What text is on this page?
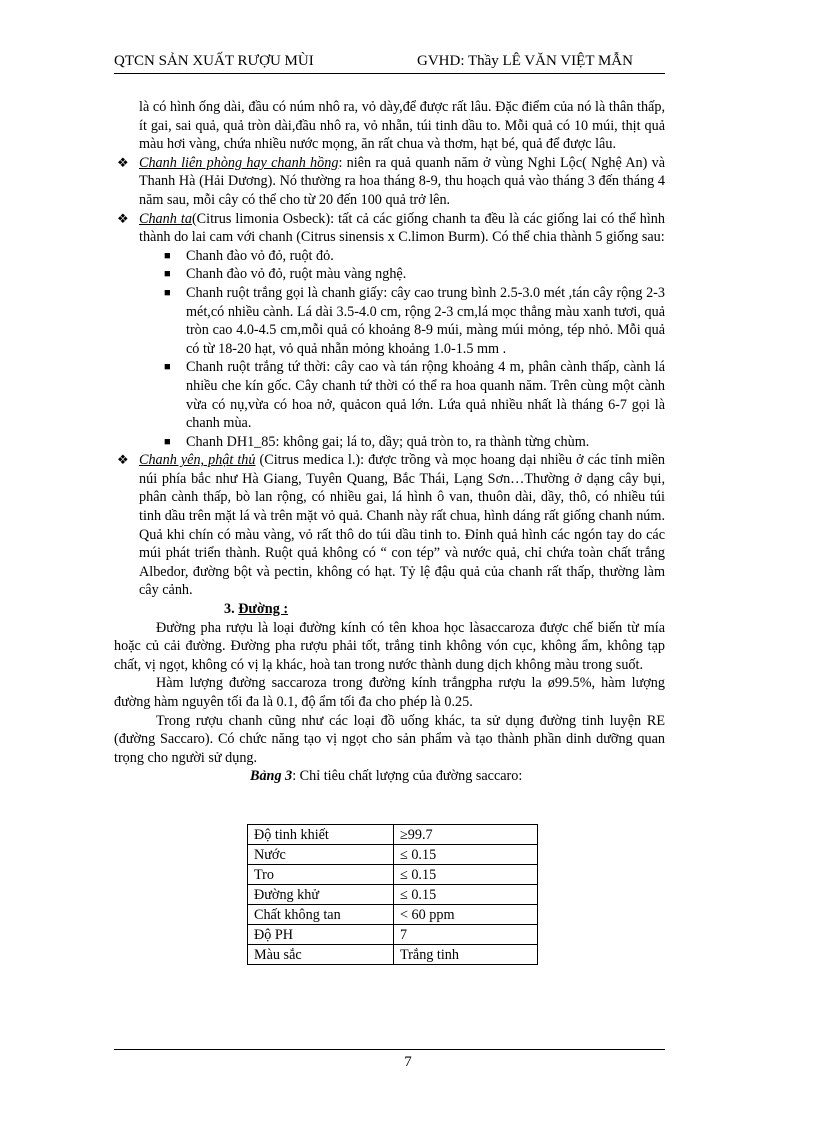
QTCN SẢN XUẤT RƯỢU MÙI	GVHD: Thầy LÊ VĂN VIỆT MẪN

là có hình ống dài, đầu có núm nhô ra, vỏ dày,để được rất lâu. Đặc điểm của nó là thân thấp, ít gai, sai quả, quả tròn dài,đầu nhô ra, vỏ nhẵn, túi tinh dầu to. Mỗi quả có 10 múi, thịt quả màu hơi vàng, chứa nhiều nước mọng, ăn rất chua và thơm, hạt bé, quả để được lâu.

❖ Chanh liên phòng hay chanh hồng: niên ra quả quanh năm ở vùng Nghi Lộc( Nghệ An) và Thanh Hà (Hải Dương). Nó thường ra hoa tháng 8-9, thu hoạch quả vào tháng 3 đến tháng 4 năm sau, mỗi cây có thể cho từ 20 đến 100 quả trở lên.

❖ Chanh ta(Citrus limonia Osbeck): tất cả các giống chanh ta đều là các giống lai có thể hình thành do lai cam với chanh (Citrus sinensis x C.limon Burm). Có thể chia thành 5 giống sau:

■ Chanh đào vỏ đỏ, ruột đỏ.

■ Chanh đào vỏ đỏ, ruột màu vàng nghệ.

■ Chanh ruột trắng gọi là chanh giấy: cây cao trung bình 2.5-3.0 mét ,tán cây rộng 2-3 mét,có nhiều cành. Lá dài 3.5-4.0 cm, rộng 2-3 cm,lá mọc thẳng màu xanh tươi, quả tròn cao 4.0-4.5 cm,mỗi quả có khoảng 8-9 múi, màng múi mỏng, tép nhỏ. Mỗi quả có từ 18-20 hạt, vỏ quả nhẵn mỏng khoảng 1.0-1.5 mm .

■ Chanh ruột trắng tứ thời: cây cao và tán rộng khoảng 4 m, phân cành thấp, cành lá nhiều che kín gốc. Cây chanh tứ thời có thể ra hoa quanh năm. Trên cùng một cành vừa có nụ,vừa có hoa nở, quảcon quả lớn. Lứa quả nhiều nhất là tháng 6-7 gọi là chanh mùa.

■ Chanh DH1_85: không gai; lá to, dầy; quả tròn to, ra thành từng chùm.

❖ Chanh yên, phật thủ (Citrus medica l.): được trồng và mọc hoang dại nhiều ở các tỉnh miền núi phía bắc như Hà Giang, Tuyên Quang, Bắc Thái, Lạng Sơn…Thường ở dạng cây bụi, phân cành thấp, bò lan rộng, có nhiều gai, lá hình ô van, thuôn dài, dầy, thô, có nhiều túi tinh dầu trên mặt lá và trên mặt vỏ quả. Chanh này rất chua, hình dáng rất giống chanh núm. Quả khi chín có màu vàng, vỏ rất thô do túi dầu tinh to. Đỉnh quả hình các ngón tay do các múi phát triển thành. Ruột quả không có “ con tép” và nước quả, chỉ chứa toàn chất trắng Albedor, đường bột và pectin, không có hạt. Tỷ lệ đậu quả của chanh rất thấp, thường làm cây cảnh.

3. Đường :

Đường pha rượu là loại đường kính có tên khoa học làsaccaroza được chế biến từ mía hoặc củ cải đường. Đường pha rượu phải tốt, trắng tinh không vón cục, không ẩm, không tạp chất, vị ngọt, không có vị lạ khác, hoà tan trong nước thành dung dịch không màu trong suốt.

Hàm lượng đường saccaroza trong đường kính trắngpha rượu la ø99.5%, hàm lượng đường hàm nguyên tối đa là 0.1, độ ẩm tối đa cho phép là 0.25.

Trong rượu chanh cũng như các loại đồ uống khác, ta sử dụng đường tinh luyện RE (đường Saccaro). Có chức năng tạo vị ngọt cho sản phẩm và tạo thành phần dinh dưỡng quan trọng cho người sử dụng.

Bảng 3: Chỉ tiêu chất lượng của đường saccaro:

Độ tinh khiết	≥99.7
Nước	≤ 0.15
Tro	≤ 0.15
Đường khử	≤ 0.15
Chất không tan	< 60 ppm
Độ PH	7
Màu sắc	Trắng tinh
7
